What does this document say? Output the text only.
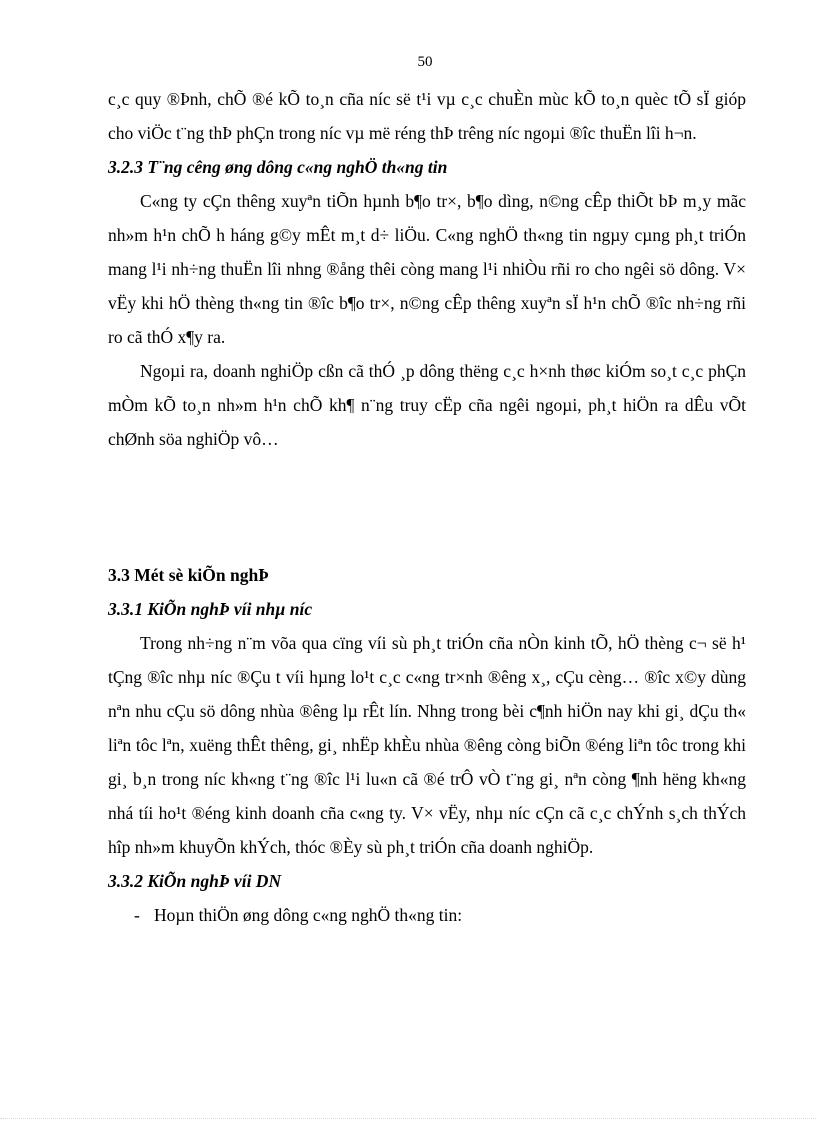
50

c¸c quy ®Þnh, chÕ ®é kÕ to¸n cña níc së t¹i vµ c¸c chuÈn mùc kÕ to¸n quèc tÕ sÏ gióp cho viÖc t¨ng thÞ phÇn trong níc vµ më réng thÞ trêng níc ngoµi ®îc thuËn lîi h¬n.

3.2.3 T¨ng cêng øng dông c«ng nghÖ th«ng tin

C«ng ty cÇn thêng xuyªn tiÕn hµnh b¶o tr×, b¶o dìng, n©ng cÊp thiÕt bÞ m¸y mãc nh»m h¹n chÕ h háng g©y mÊt m¸t d÷ liÖu. C«ng nghÖ th«ng tin ngµy cµng ph¸t triÓn mang l¹i nh÷ng thuËn lîi nhng ®ång thêi còng mang l¹i nhiÒu rñi ro cho ngêi sö dông. V× vËy khi hÖ thèng th«ng tin ®îc b¶o tr×, n©ng cÊp thêng xuyªn sÏ h¹n chÕ ®îc nh÷ng rñi ro cã thÓ x¶y ra.

Ngoµi ra, doanh nghiÖp cßn cã thÓ ¸p dông thëng c¸c h×nh thøc kiÓm so¸t c¸c phÇn mÒm kÕ to¸n nh»m h¹n chÕ kh¶ n¨ng truy cËp cña ngêi ngoµi, ph¸t hiÖn ra dÊu vÕt chØnh söa nghiÖp vô…

3.3 Mét sè kiÕn nghÞ

3.3.1 KiÕn nghÞ víi nhµ níc

Trong nh÷ng n¨m võa qua cïng víi sù ph¸t triÓn cña nÒn kinh tÕ, hÖ thèng c¬ së h¹ tÇng ®îc nhµ níc ®Çu t víi hµng lo¹t c¸c c«ng tr×nh ®êng x¸, cÇu cèng… ®îc x©y dùng nªn nhu cÇu sö dông nhùa ®êng lµ rÊt lín. Nhng trong bèi c¶nh hiÖn nay khi gi¸ dÇu th« liªn tôc lªn, xuëng thÊt thêng, gi¸ nhËp khÈu nhùa ®êng còng biÕn ®éng liªn tôc trong khi gi¸ b¸n trong níc kh«ng t¨ng ®îc l¹i lu«n cã ®é trÔ vÒ t¨ng gi¸ nªn còng ¶nh hëng kh«ng nhá tíi ho¹t ®éng kinh doanh cña c«ng ty. V× vËy, nhµ níc cÇn cã c¸c chÝnh s¸ch thÝch hîp nh»m khuyÕn khÝch, thóc ®Èy sù ph¸t triÓn cña doanh nghiÖp.

3.3.2 KiÕn nghÞ víi DN

- Hoµn thiÖn øng dông c«ng nghÖ th«ng tin:
